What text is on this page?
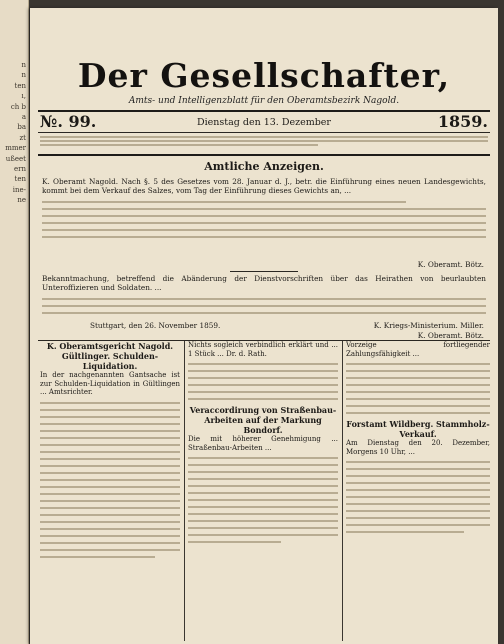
n
n
ten
ı,
ch b
a
ba
zt
mmer
ußeet
ern
ten
ine-
ne
Der Gesellschafter,
Amts- und Intelligenzblatt für den Oberamtsbezirk Nagold.
№. 99.	Dienstag den 13. Dezember	1859.
Amtliche Anzeigen.

K. Oberamt Nagold. Nach §. 5 des Gesetzes vom 28. Januar d. J., betr. die Einführung eines neuen Landesgewichts, kommt bei dem Verkauf des Salzes, vom Tag der Einführung dieses Gewichts an, ...

K. Oberamt. Bötz.

Bekanntmachung, betreffend die Abänderung der Dienstvorschriften über das Heirathen von beurlaubten Unteroffizieren und Soldaten. ...

Stuttgart, den 26. November 1859.	K. Kriegs-Ministerium. Miller.
K. Oberamt. Bötz.
K. Oberamtsgericht Nagold. Gültlinger. Schulden-Liquidation.
In der nachgenannten Gantsache ist zur Schulden-Liquidation in Gültlingen ... Amtsrichter.
Nichts sogleich verbindlich erklärt und ... 1 Stück ... Dr. d. Rath.
Veraccordirung von Straßenbau-Arbeiten auf der Markung Bondorf.
Die mit höherer Genehmigung ... Straßenbau-Arbeiten ...
Vorzeige fortliegender Zahlungsfähigkeit ...
Forstamt Wildberg. Stammholz-Verkauf.
Am Dienstag den 20. Dezember, Morgens 10 Uhr, ...
